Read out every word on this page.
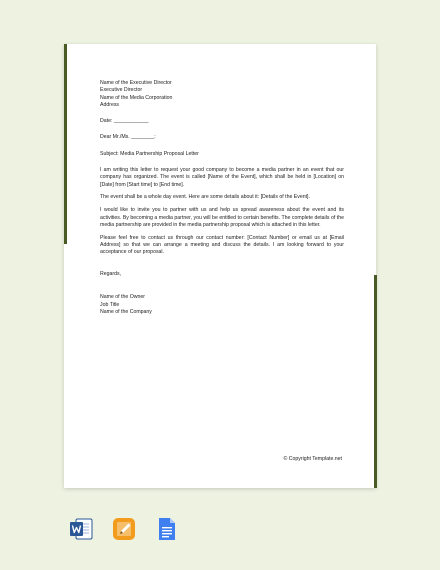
Name of the Executive Director
Executive Director
Name of the Media Corporation
Address
Date: ____________
Dear Mr./Ms. ________:
Subject: Media Partnership Proposal Letter

I am writing this letter to request your good company to become a media partner in an event that our company has organized. The event is called [Name of the Event], which shall be held in [Location] on [Date] from [Start time] to [End time].

The event shall be a whole day event. Here are some details about it: [Details of the Event].

I would like to invite you to partner with us and help us spread awareness about the event and its activities. By becoming a media partner, you will be entitled to certain benefits. The complete details of the media partnership are provided in the media partnership proposal which is attached in this letter.

Please feel free to contact us through our contact number: [Contact Number] or email us at [Email Address] so that we can arrange a meeting and discuss the details. I am looking forward to your acceptance of our proposal.

Regards,
Name of the Owner
Job Title
Name of the Company
© Copyright Template.net
